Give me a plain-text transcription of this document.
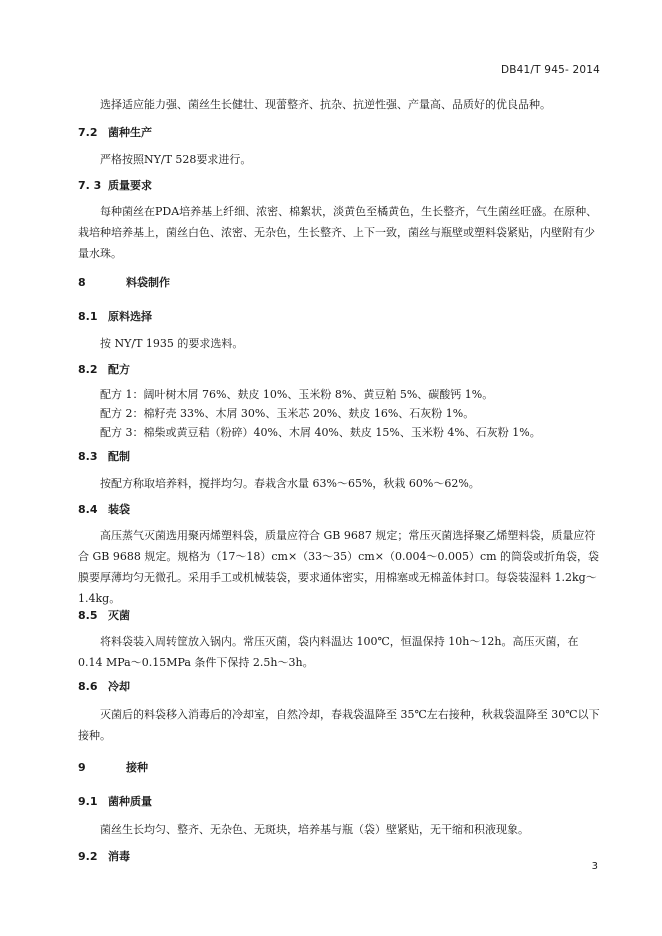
DB41/T 945- 2014

选择适应能力强、菌丝生长健壮、现蕾整齐、抗杂、抗逆性强、产量高、品质好的优良品种。

7.2 菌种生产

严格按照NY/T 528要求进行。

7. 3 质量要求

每种菌丝在PDA培养基上纤细、浓密、棉絮状，淡黄色至橘黄色，生长整齐，气生菌丝旺盛。在原种、栽培种培养基上，菌丝白色、浓密、无杂色，生长整齐、上下一致，菌丝与瓶壁或塑料袋紧贴，内壁附有少量水珠。

8	料袋制作

8.1 原料选择

按 NY/T 1935 的要求选料。

8.2 配方

配方 1：阔叶树木屑 76%、麸皮 10%、玉米粉 8%、黄豆粕 5%、碳酸钙 1%。

配方 2：棉籽壳 33%、木屑 30%、玉米芯 20%、麸皮 16%、石灰粉 1%。

配方 3：棉柴或黄豆秸（粉碎）40%、木屑 40%、麸皮 15%、玉米粉 4%、石灰粉 1%。

8.3 配制

按配方称取培养料，搅拌均匀。春栽含水量 63%～65%，秋栽 60%～62%。

8.4 装袋

高压蒸气灭菌选用聚丙烯塑料袋，质量应符合 GB 9687 规定；常压灭菌选择聚乙烯塑料袋，质量应符合 GB 9688 规定。规格为（17～18）cm×（33～35）cm×（0.004～0.005）cm 的筒袋或折角袋，袋膜要厚薄均匀无微孔。采用手工或机械装袋，要求通体密实，用棉塞或无棉盖体封口。每袋装湿料 1.2kg～1.4kg。

8.5 灭菌

将料袋装入周转筐放入锅内。常压灭菌，袋内料温达 100℃，恒温保持 10h～12h。高压灭菌，在 0.14 MPa～0.15MPa 条件下保持 2.5h～3h。

8.6 冷却

灭菌后的料袋移入消毒后的冷却室，自然冷却，春栽袋温降至 35℃左右接种，秋栽袋温降至 30℃以下接种。

9	接种

9.1 菌种质量

菌丝生长均匀、整齐、无杂色、无斑块，培养基与瓶（袋）壁紧贴，无干缩和积液现象。

9.2 消毒

3
